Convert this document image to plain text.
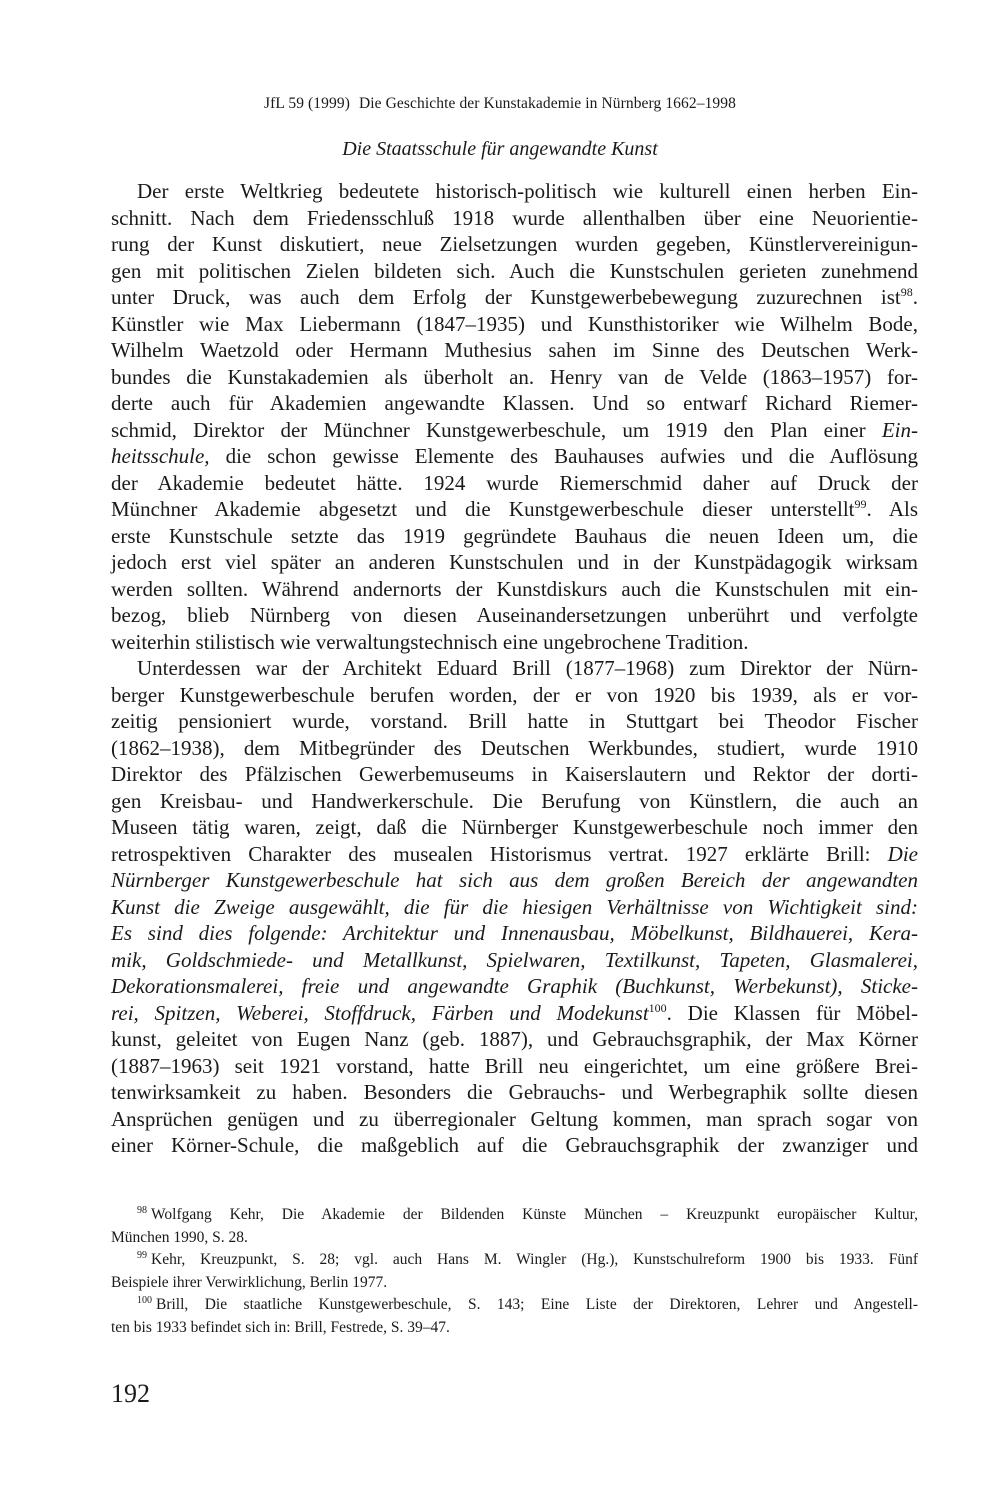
JfL 59 (1999) Die Geschichte der Kunstakademie in Nürnberg 1662–1998
Die Staatsschule für angewandte Kunst
Der erste Weltkrieg bedeutete historisch-politisch wie kulturell einen herben Ein-
schnitt. Nach dem Friedensschluß 1918 wurde allenthalben über eine Neuorientie-
rung der Kunst diskutiert, neue Zielsetzungen wurden gegeben, Künstlervereinigun-
gen mit politischen Zielen bildeten sich. Auch die Kunstschulen gerieten zunehmend
unter Druck, was auch dem Erfolg der Kunstgewerbebewegung zuzurechnen ist$^{98}$.
Künstler wie Max Liebermann (1847–1935) und Kunsthistoriker wie Wilhelm Bode,
Wilhelm Waetzold oder Hermann Muthesius sahen im Sinne des Deutschen Werk-
bundes die Kunstakademien als überholt an. Henry van de Velde (1863–1957) for-
derte auch für Akademien angewandte Klassen. Und so entwarf Richard Riemer-
schmid, Direktor der Münchner Kunstgewerbeschule, um 1919 den Plan einer Ein-
heitsschule, die schon gewisse Elemente des Bauhauses aufwies und die Auflösung
der Akademie bedeutet hätte. 1924 wurde Riemerschmid daher auf Druck der
Münchner Akademie abgesetzt und die Kunstgewerbeschule dieser unterstellt$^{99}$. Als
erste Kunstschule setzte das 1919 gegründete Bauhaus die neuen Ideen um, die
jedoch erst viel später an anderen Kunstschulen und in der Kunstpädagogik wirksam
werden sollten. Während andernorts der Kunstdiskurs auch die Kunstschulen mit ein-
bezog, blieb Nürnberg von diesen Auseinandersetzungen unberührt und verfolgte
weiterhin stilistisch wie verwaltungstechnisch eine ungebrochene Tradition.
Unterdessen war der Architekt Eduard Brill (1877–1968) zum Direktor der Nürn-
berger Kunstgewerbeschule berufen worden, der er von 1920 bis 1939, als er vor-
zeitig pensioniert wurde, vorstand. Brill hatte in Stuttgart bei Theodor Fischer
(1862–1938), dem Mitbegründer des Deutschen Werkbundes, studiert, wurde 1910
Direktor des Pfälzischen Gewerbemuseums in Kaiserslautern und Rektor der dorti-
gen Kreisbau- und Handwerkerschule. Die Berufung von Künstlern, die auch an
Museen tätig waren, zeigt, daß die Nürnberger Kunstgewerbeschule noch immer den
retrospektiven Charakter des musealen Historismus vertrat. 1927 erklärte Brill: Die
Nürnberger Kunstgewerbeschule hat sich aus dem großen Bereich der angewandten
Kunst die Zweige ausgewählt, die für die hiesigen Verhältnisse von Wichtigkeit sind:
Es sind dies folgende: Architektur und Innenausbau, Möbelkunst, Bildhauerei, Kera-
mik, Goldschmiede- und Metallkunst, Spielwaren, Textilkunst, Tapeten, Glasmalerei,
Dekorationsmalerei, freie und angewandte Graphik (Buchkunst, Werbekunst), Sticke-
rei, Spitzen, Weberei, Stoffdruck, Färben und Modekunst$^{100}$. Die Klassen für Möbel-
kunst, geleitet von Eugen Nanz (geb. 1887), und Gebrauchsgraphik, der Max Körner
(1887–1963) seit 1921 vorstand, hatte Brill neu eingerichtet, um eine größere Brei-
tenwirksamkeit zu haben. Besonders die Gebrauchs- und Werbegraphik sollte diesen
Ansprüchen genügen und zu überregionaler Geltung kommen, man sprach sogar von
einer Körner-Schule, die maßgeblich auf die Gebrauchsgraphik der zwanziger und
$^{98}$ Wolfgang Kehr, Die Akademie der Bildenden Künste München – Kreuzpunkt europäischer Kultur,
München 1990, S. 28.
$^{99}$ Kehr, Kreuzpunkt, S. 28; vgl. auch Hans M. Wingler (Hg.), Kunstschulreform 1900 bis 1933. Fünf
Beispiele ihrer Verwirklichung, Berlin 1977.
$^{100}$ Brill, Die staatliche Kunstgewerbeschule, S. 143; Eine Liste der Direktoren, Lehrer und Angestell-
ten bis 1933 befindet sich in: Brill, Festrede, S. 39–47.
192
